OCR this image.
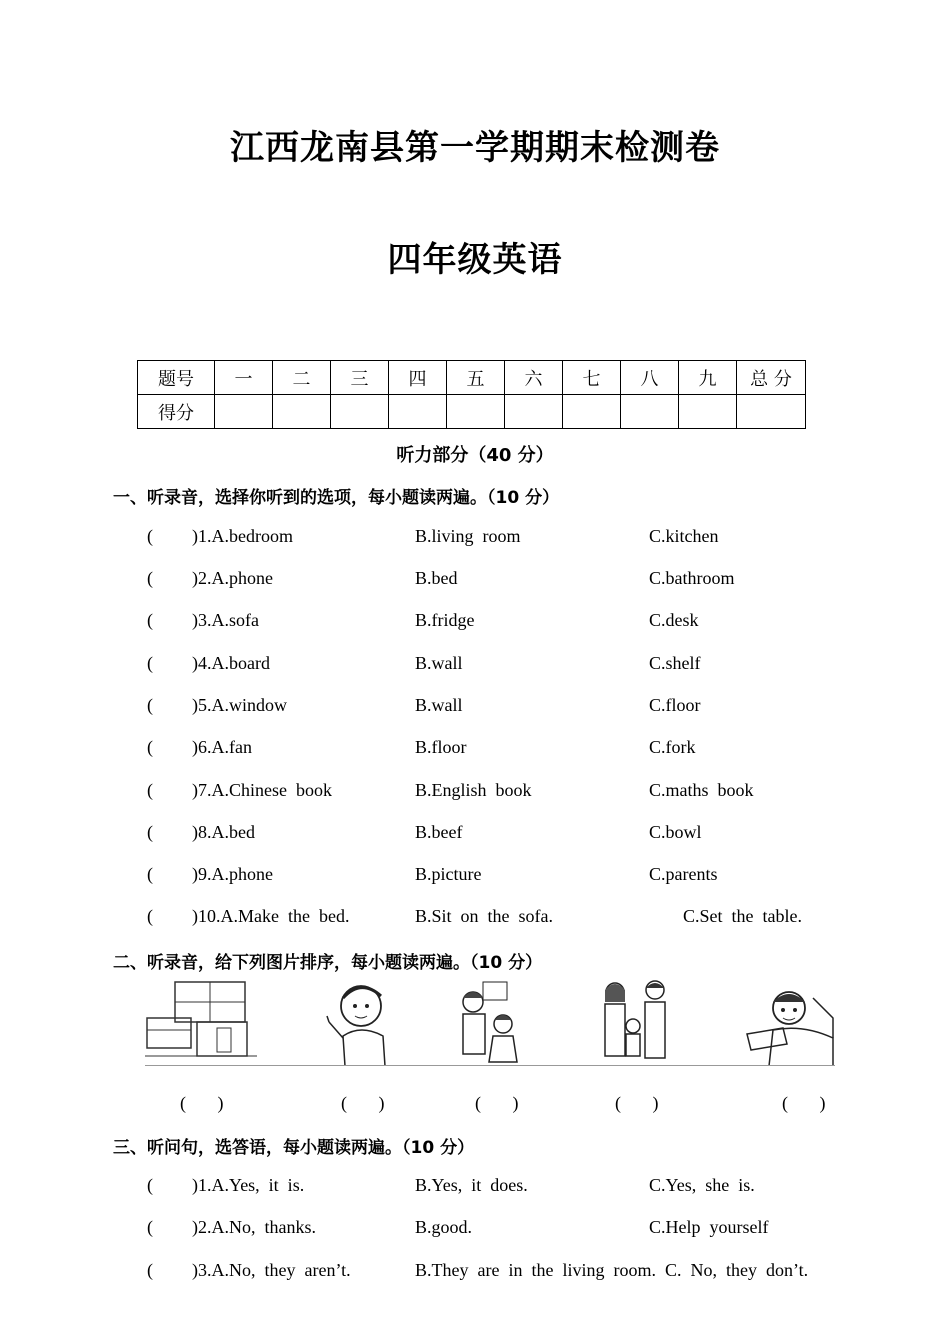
江西龙南县第一学期期末检测卷
四年级英语
题号	一	二	三	四	五	六	七	八	九	总 分
得分										
听力部分（40 分）
一、听录音，选择你听到的选项，每小题读两遍。（10 分）
( )1.A.bedroom	B.living  room	C.kitchen
( )2.A.phone	B.bed	C.bathroom
( )3.A.sofa	B.fridge	C.desk
( )4.A.board	B.wall	C.shelf
( )5.A.window	B.wall	C.floor
( )6.A.fan	B.floor	C.fork
( )7.A.Chinese  book	B.English  book	C.maths  book
( )8.A.bed	B.beef	C.bowl
( )9.A.phone	B.picture	C.parents
( )10.A.Make  the  bed.	B.Sit  on  the  sofa.	C.Set  the  table.
二、听录音，给下列图片排序，每小题读两遍。（10 分）
(       )	(       )	(       )	(       )	(       )
三、听问句，选答语，每小题读两遍。（10 分）
( )1.A.Yes,  it  is.	B.Yes,  it  does.	C.Yes,  she  is.
( )2.A.No,  thanks.	B.good.	C.Help  yourself
( )3.A.No,  they  aren’t.	B.They  are  in  the  living  room.  C.  No,  they  don’t.
